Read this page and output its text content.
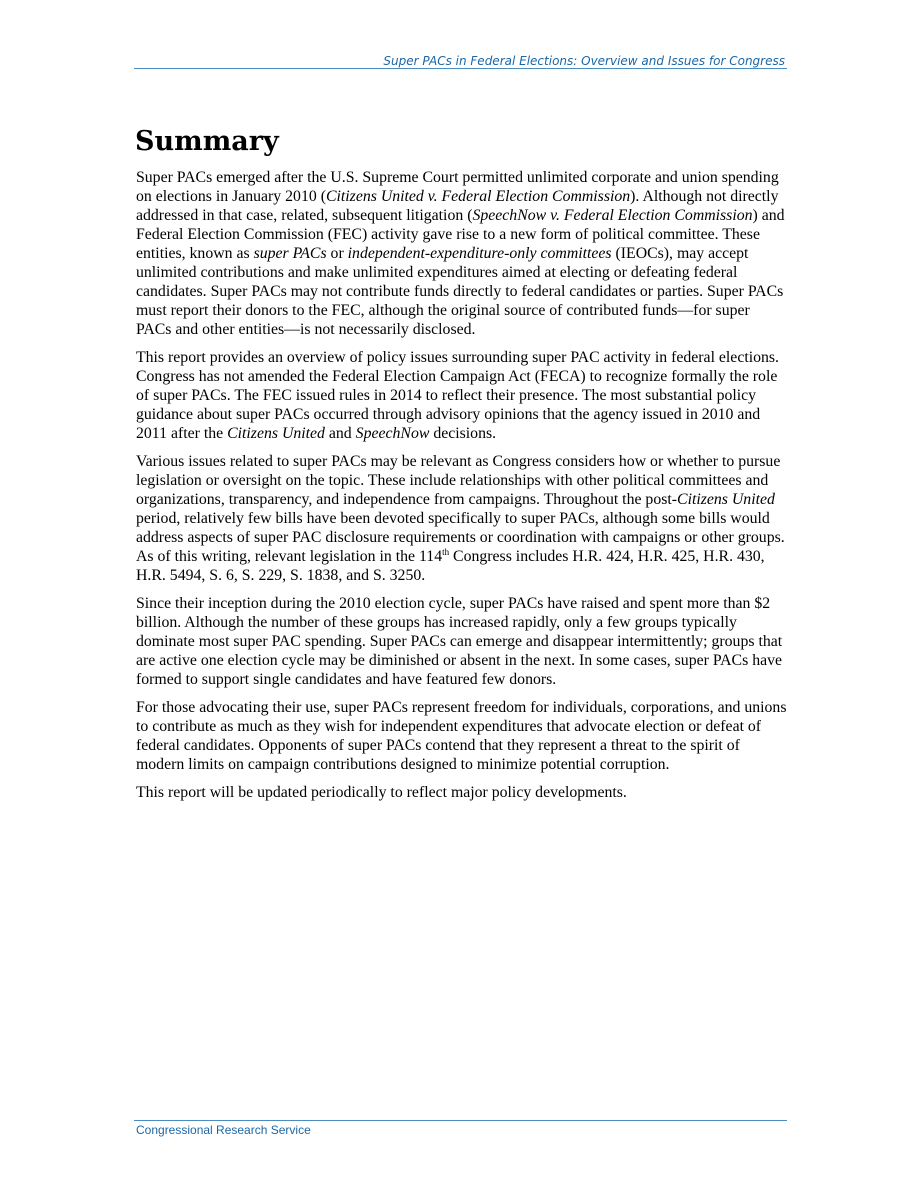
Super PACs in Federal Elections: Overview and Issues for Congress
Summary

Super PACs emerged after the U.S. Supreme Court permitted unlimited corporate and union spending on elections in January 2010 (Citizens United v. Federal Election Commission). Although not directly addressed in that case, related, subsequent litigation (SpeechNow v. Federal Election Commission) and Federal Election Commission (FEC) activity gave rise to a new form of political committee. These entities, known as super PACs or independent-expenditure-only committees (IEOCs), may accept unlimited contributions and make unlimited expenditures aimed at electing or defeating federal candidates. Super PACs may not contribute funds directly to federal candidates or parties. Super PACs must report their donors to the FEC, although the original source of contributed funds—for super PACs and other entities—is not necessarily disclosed.

This report provides an overview of policy issues surrounding super PAC activity in federal elections. Congress has not amended the Federal Election Campaign Act (FECA) to recognize formally the role of super PACs. The FEC issued rules in 2014 to reflect their presence. The most substantial policy guidance about super PACs occurred through advisory opinions that the agency issued in 2010 and 2011 after the Citizens United and SpeechNow decisions.

Various issues related to super PACs may be relevant as Congress considers how or whether to pursue legislation or oversight on the topic. These include relationships with other political committees and organizations, transparency, and independence from campaigns. Throughout the post-Citizens United period, relatively few bills have been devoted specifically to super PACs, although some bills would address aspects of super PAC disclosure requirements or coordination with campaigns or other groups. As of this writing, relevant legislation in the 114th Congress includes H.R. 424, H.R. 425, H.R. 430, H.R. 5494, S. 6, S. 229, S. 1838, and S. 3250.

Since their inception during the 2010 election cycle, super PACs have raised and spent more than $2 billion. Although the number of these groups has increased rapidly, only a few groups typically dominate most super PAC spending. Super PACs can emerge and disappear intermittently; groups that are active one election cycle may be diminished or absent in the next. In some cases, super PACs have formed to support single candidates and have featured few donors.

For those advocating their use, super PACs represent freedom for individuals, corporations, and unions to contribute as much as they wish for independent expenditures that advocate election or defeat of federal candidates. Opponents of super PACs contend that they represent a threat to the spirit of modern limits on campaign contributions designed to minimize potential corruption.

This report will be updated periodically to reflect major policy developments.

Congressional Research Service
